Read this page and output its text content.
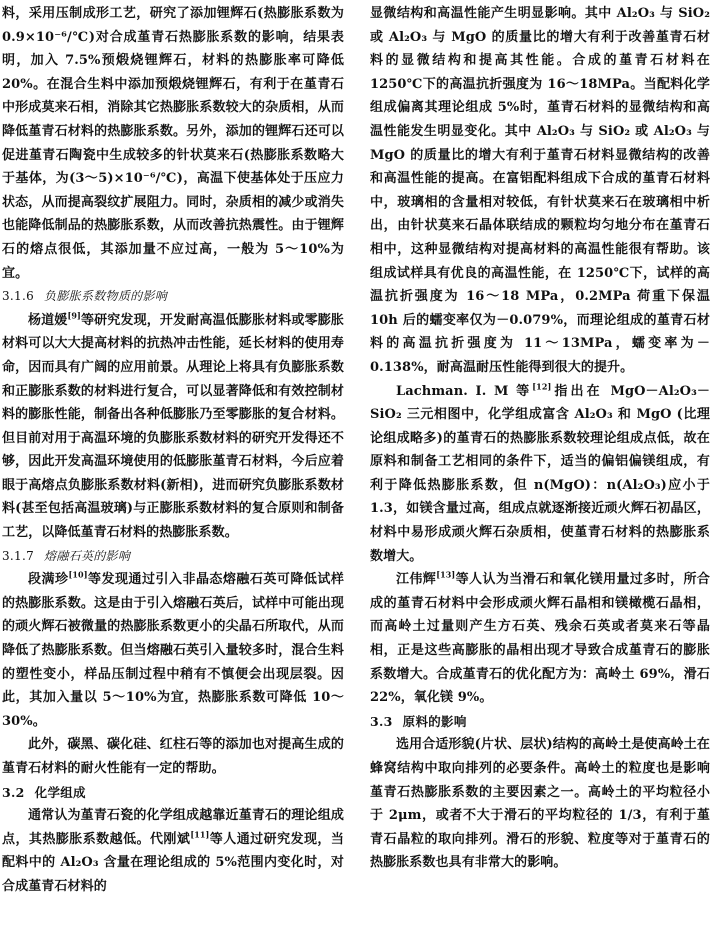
料，采用压制成形工艺，研究了添加锂辉石(热膨胀系数为 0.9×10⁻⁶/℃)对合成堇青石热膨胀系数的影响，结果表明，加入 7.5%预煅烧锂辉石，材料的热膨胀率可降低 20%。在混合生料中添加预煅烧锂辉石，有利于在堇青石中形成莫来石相，消除其它热膨胀系数较大的杂质相，从而降低堇青石材料的热膨胀系数。另外，添加的锂辉石还可以促进堇青石陶瓷中生成较多的针状莫来石(热膨胀系数略大于基体，为(3～5)×10⁻⁶/℃)，高温下使基体处于压应力状态，从而提高裂纹扩展阻力。同时，杂质相的减少或消失也能降低制品的热膨胀系数，从而改善抗热震性。由于锂辉石的熔点很低，其添加量不应过高，一般为 5～10%为宜。

3.1.6 负膨胀系数物质的影响

杨道媛[9]等研究发现，开发耐高温低膨胀材料或零膨胀材料可以大大提高材料的抗热冲击性能，延长材料的使用寿命，因而具有广阔的应用前景。从理论上将具有负膨胀系数和正膨胀系数的材料进行复合，可以显著降低和有效控制材料的膨胀性能，制备出各种低膨胀乃至零膨胀的复合材料。但目前对用于高温环境的负膨胀系数材料的研究开发得还不够，因此开发高温环境使用的低膨胀堇青石材料，今后应着眼于高熔点负膨胀系数材料(新相)，进而研究负膨胀系数材料(甚至包括高温玻璃)与正膨胀系数材料的复合原则和制备工艺，以降低堇青石材料的热膨胀系数。

3.1.7 熔融石英的影响

段满珍[10]等发现通过引入非晶态熔融石英可降低试样的热膨胀系数。这是由于引入熔融石英后，试样中可能出现的顽火辉石被微量的热膨胀系数更小的尖晶石所取代，从而降低了热膨胀系数。但当熔融石英引入量较多时，混合生料的塑性变小，样品压制过程中稍有不慎便会出现层裂。因此，其加入量以 5～10%为宜，热膨胀系数可降低 10～30%。

此外，碳黑、碳化硅、红柱石等的添加也对提高生成的堇青石材料的耐火性能有一定的帮助。

3.2 化学组成

通常认为堇青石瓷的化学组成越靠近堇青石的理论组成点，其热膨胀系数越低。代刚斌[11]等人通过研究发现，当配料中的 Al₂O₃ 含量在理论组成的 5%范围内变化时，对合成堇青石材料的

显微结构和高温性能产生明显影响。其中 Al₂O₃ 与 SiO₂ 或 Al₂O₃ 与 MgO 的质量比的增大有利于改善堇青石材料的显微结构和提高其性能。合成的堇青石材料在 1250℃下的高温抗折强度为 16～18MPa。当配料化学组成偏离其理论组成 5%时，堇青石材料的显微结构和高温性能发生明显变化。其中 Al₂O₃ 与 SiO₂ 或 Al₂O₃ 与 MgO 的质量比的增大有利于堇青石材料显微结构的改善和高温性能的提高。在富铝配料组成下合成的堇青石材料中，玻璃相的含量相对较低，有针状莫来石在玻璃相中析出，由针状莫来石晶体联结成的颗粒均匀地分布在堇青石相中，这种显微结构对提高材料的高温性能很有帮助。该组成试样具有优良的高温性能，在 1250℃下，试样的高温抗折强度为 16～18 MPa，0.2MPa 荷重下保温 10h 后的蠕变率仅为－0.079%，而理论组成的堇青石材料的高温抗折强度为 11～13MPa，蠕变率为－0.138%，耐高温耐压性能得到很大的提升。

Lachman. I. M 等[12]指出在 MgO－Al₂O₃－SiO₂ 三元相图中，化学组成富含 Al₂O₃ 和 MgO (比理论组成略多)的堇青石的热膨胀系数较理论组成点低，故在原料和制备工艺相同的条件下，适当的偏铝偏镁组成，有利于降低热膨胀系数，但 n(MgO)：n(Al₂O₃)应小于 1.3，如镁含量过高，组成点就逐渐接近顽火辉石初晶区，材料中易形成顽火辉石杂质相，使堇青石材料的热膨胀系数增大。

江伟辉[13]等人认为当滑石和氧化镁用量过多时，所合成的堇青石材料中会形成顽火辉石晶相和镁橄榄石晶相，而高岭土过量则产生方石英、残余石英或者莫来石等晶相，正是这些高膨胀的晶相出现才导致合成堇青石的膨胀系数增大。合成堇青石的优化配方为：高岭土 69%，滑石 22%，氧化镁 9%。

3.3 原料的影响

选用合适形貌(片状、层状)结构的高岭土是使高岭土在蜂窝结构中取向排列的必要条件。高岭土的粒度也是影响堇青石热膨胀系数的主要因素之一。高岭土的平均粒径小于 2μm，或者不大于滑石的平均粒径的 1/3，有利于堇青石晶粒的取向排列。滑石的形貌、粒度等对于堇青石的热膨胀系数也具有非常大的影响。
